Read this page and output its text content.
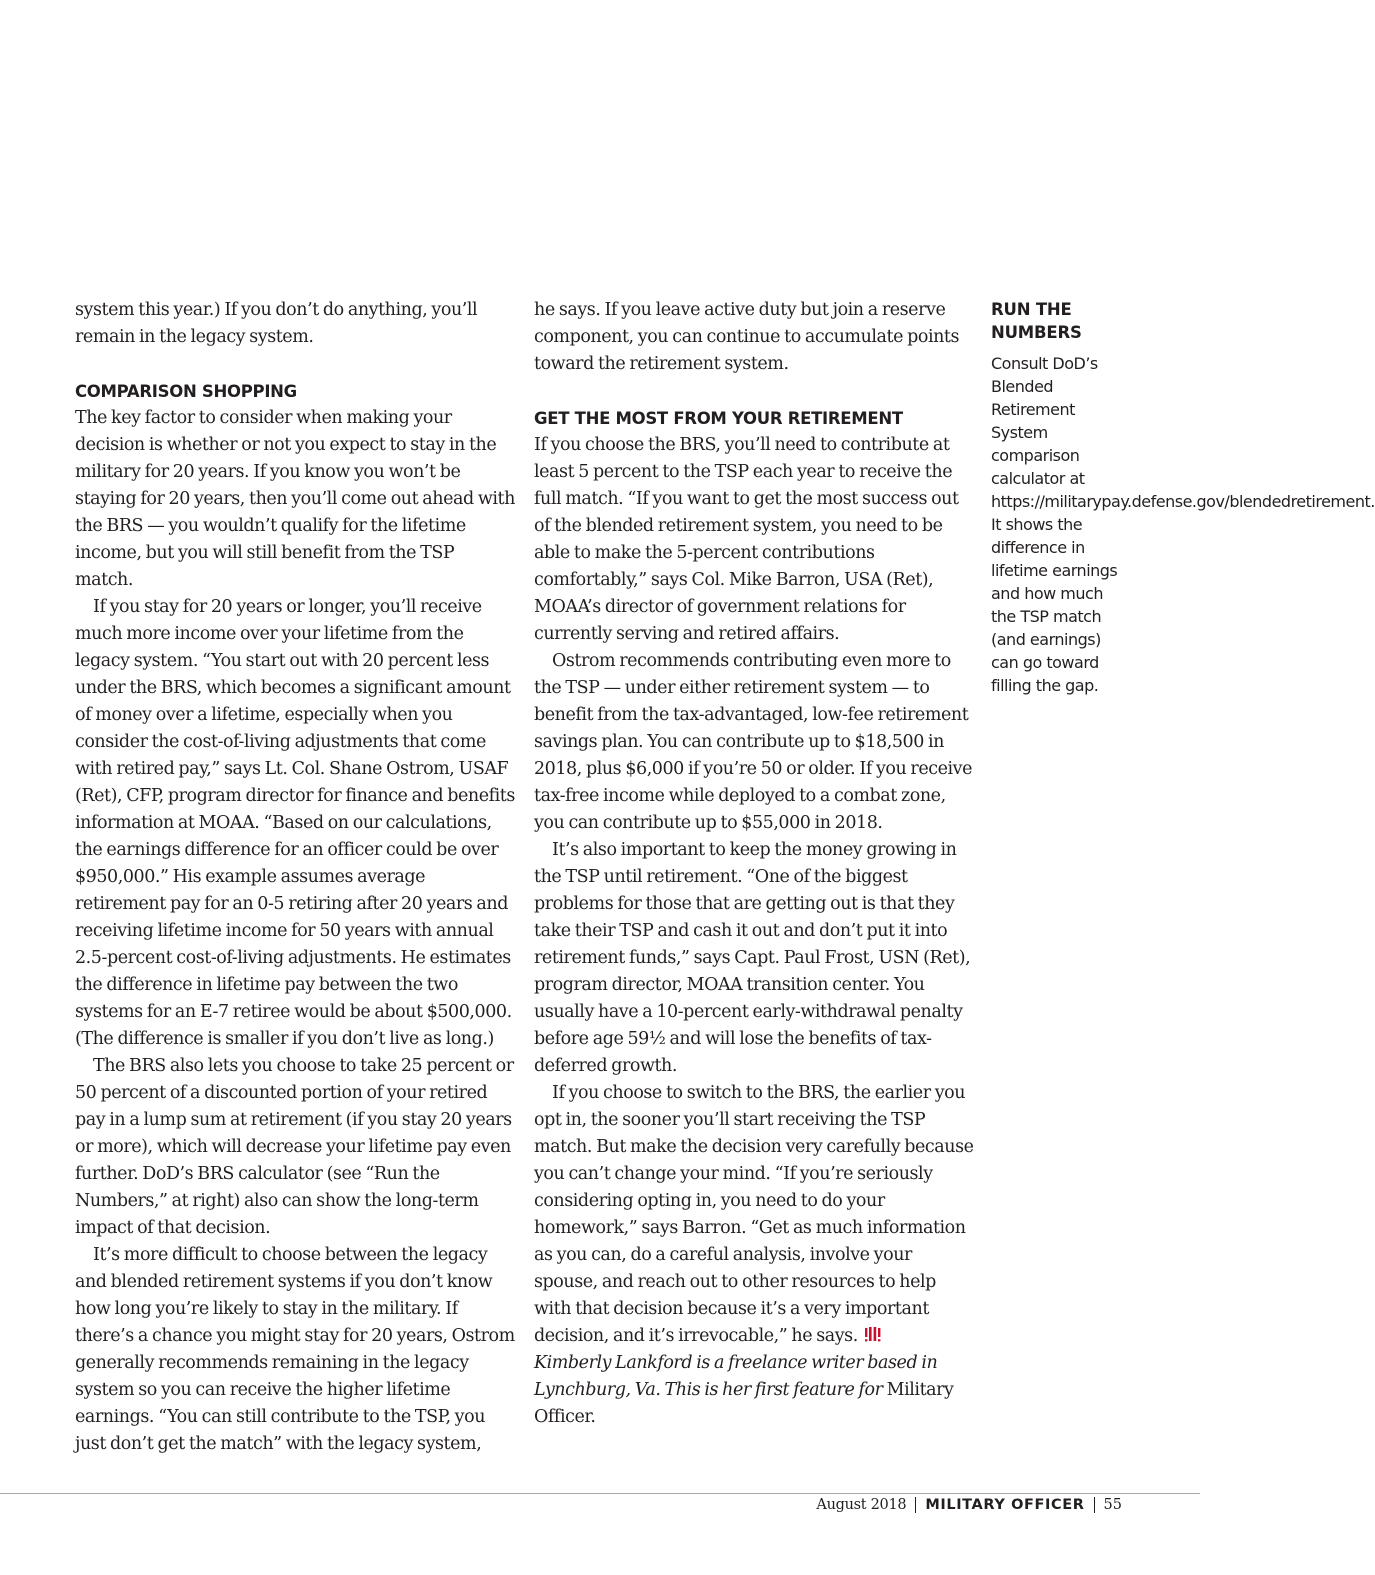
system this year.) If you don’t do anything, you’ll remain in the legacy system.

COMPARISON SHOPPING

The key factor to consider when making your decision is whether or not you expect to stay in the military for 20 years. If you know you won’t be staying for 20 years, then you’ll come out ahead with the BRS — you wouldn’t qualify for the lifetime income, but you will still benefit from the TSP match.

If you stay for 20 years or longer, you’ll receive much more income over your lifetime from the legacy system. “You start out with 20 percent less under the BRS, which becomes a significant amount of money over a lifetime, especially when you consider the cost-of-living adjustments that come with retired pay,” says Lt. Col. Shane Ostrom, USAF (Ret), CFP, program director for finance and benefits information at MOAA. “Based on our calculations, the earnings difference for an officer could be over $950,000.” His example assumes average retirement pay for an 0-5 retiring after 20 years and receiving lifetime income for 50 years with annual 2.5-percent cost-of-living adjustments. He estimates the difference in lifetime pay between the two systems for an E-7 retiree would be about $500,000. (The difference is smaller if you don’t live as long.)

The BRS also lets you choose to take 25 percent or 50 percent of a discounted portion of your retired pay in a lump sum at retirement (if you stay 20 years or more), which will decrease your lifetime pay even further. DoD’s BRS calculator (see “Run the Numbers,” at right) also can show the long-term impact of that decision.

It’s more difficult to choose between the legacy and blended retirement systems if you don’t know how long you’re likely to stay in the military. If there’s a chance you might stay for 20 years, Ostrom generally recommends remaining in the legacy system so you can receive the higher lifetime earnings. “You can still contribute to the TSP, you just don’t get the match” with the legacy system,

he says. If you leave active duty but join a reserve component, you can continue to accumulate points toward the retirement system.

GET THE MOST FROM YOUR RETIREMENT

If you choose the BRS, you’ll need to contribute at least 5 percent to the TSP each year to receive the full match. “If you want to get the most success out of the blended retirement system, you need to be able to make the 5-percent contributions comfortably,” says Col. Mike Barron, USA (Ret), MOAA’s director of government relations for currently serving and retired affairs.

Ostrom recommends contributing even more to the TSP — under either retirement system — to benefit from the tax-advantaged, low-fee retirement savings plan. You can contribute up to $18,500 in 2018, plus $6,000 if you’re 50 or older. If you receive tax-free income while deployed to a combat zone, you can contribute up to $55,000 in 2018.

It’s also important to keep the money growing in the TSP until retirement. “One of the biggest problems for those that are getting out is that they take their TSP and cash it out and don’t put it into retirement funds,” says Capt. Paul Frost, USN (Ret), program director, MOAA transition center. You usually have a 10-percent early-withdrawal penalty before age 59½ and will lose the benefits of tax-deferred growth.

If you choose to switch to the BRS, the earlier you opt in, the sooner you’ll start receiving the TSP match. But make the decision very carefully because you can’t change your mind. “If you’re seriously considering opting in, you need to do your homework,” says Barron. “Get as much information as you can, do a careful analysis, involve your spouse, and reach out to other resources to help with that decision because it’s a very important decision, and it’s irrevocable,” he says.

Kimberly Lankford is a freelance writer based in Lynchburg, Va. This is her first feature for Military Officer.

RUN THE NUMBERS

Consult DoD’s Blended Retirement System comparison calculator at https://militarypay.defense.gov/blendedretirement. It shows the difference in lifetime earnings and how much the TSP match (and earnings) can go toward filling the gap.

August 2018 MILITARY OFFICER 55
